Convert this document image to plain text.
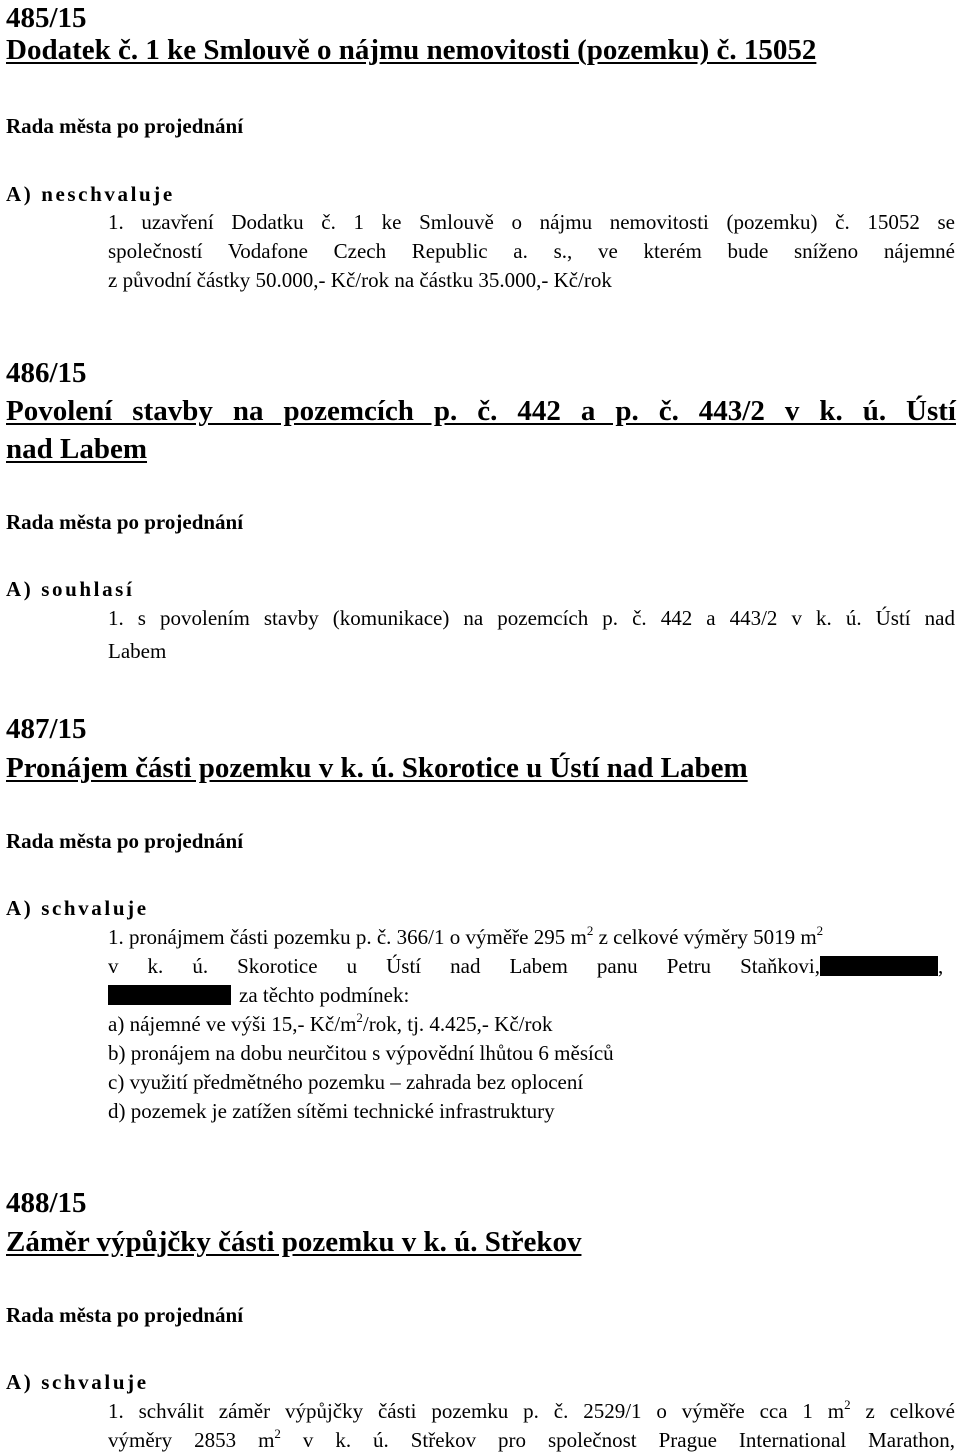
485/15
Dodatek č. 1 ke Smlouvě o nájmu nemovitosti (pozemku) č. 15052
Rada města po projednání
A) neschvaluje
1. uzavření Dodatku č. 1 ke Smlouvě o nájmu nemovitosti (pozemku) č. 15052 se
společností Vodafone Czech Republic a. s., ve kterém bude sníženo nájemné
z původní částky 50.000,- Kč/rok na částku 35.000,- Kč/rok
486/15
Povolení stavby na pozemcích p. č. 442 a p. č. 443/2 v k. ú. Ústí
nad Labem
Rada města po projednání
A) souhlasí
1. s povolením stavby (komunikace) na pozemcích p. č. 442 a 443/2 v k. ú. Ústí nad
Labem
487/15
Pronájem části pozemku v k. ú. Skorotice u Ústí nad Labem
Rada města po projednání
A) schvaluje
1. pronájmem části pozemku p. č. 366/1 o výměře 295 $m^2$ z celkové výměry 5019 $m^2$
v k. ú. Skorotice u Ústí nad Labem panu Petru Staňkovi,	,
za těchto podmínek:
a) nájemné ve výši 15,- $Kč/m^2$/rok, tj. 4.425,- Kč/rok
b) pronájem na dobu neurčitou s výpovědní lhůtou 6 měsíců
c) využití předmětného pozemku – zahrada bez oplocení
d) pozemek je zatížen sítěmi technické infrastruktury
488/15
Záměr výpůjčky části pozemku v k. ú. Střekov
Rada města po projednání
A) schvaluje
1. schválit záměr výpůjčky části pozemku p. č. 2529/1 o výměře cca 1 $m^2$ z celkové
výměry 2853 $m^2$ v k. ú. Střekov pro společnost Prague International Marathon,
